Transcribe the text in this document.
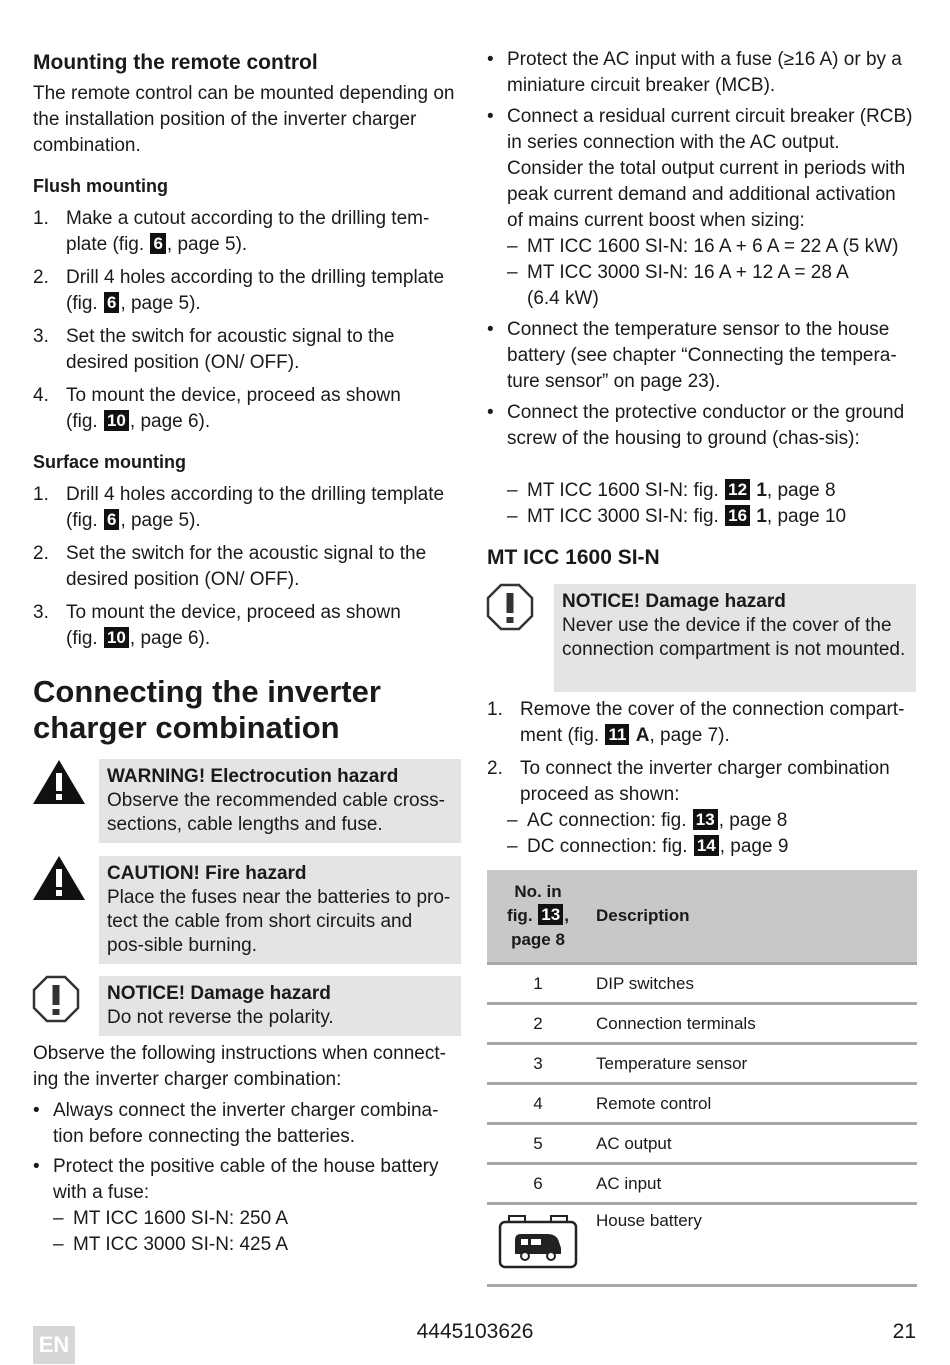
Mounting the remote control
The remote control can be mounted depending on the installation position of the inverter charger combination.
Flush mounting
1. Make a cutout according to the drilling tem-
plate (fig. 6 , page 5).
2. Drill 4 holes according to the drilling template
(fig. 6 , page 5).
3. Set the switch for acoustic signal to the
desired position (ON/ OFF).
4. To mount the device, proceed as shown
(fig. 10 , page 6).
Surface mounting
1. Drill 4 holes according to the drilling template
(fig. 6 , page 5).
2. Set the switch for the acoustic signal to the
desired position (ON/ OFF).
3. To mount the device, proceed as shown
(fig. 10 , page 6).
Connecting the inverter
charger combination
WARNING! Electrocution hazard
Observe the recommended cable cross-sections, cable lengths and fuse.
CAUTION! Fire hazard
Place the fuses near the batteries to pro-tect the cable from short circuits and pos-sible burning.
NOTICE! Damage hazard
Do not reverse the polarity.
Observe the following instructions when connect-ing the inverter charger combination:
• Always connect the inverter charger combina-tion before connecting the batteries.
• Protect the positive cable of the house battery with a fuse:
– MT ICC 1600 SI-N: 250 A
– MT ICC 3000 SI-N: 425 A
• Protect the AC input with a fuse (≥16 A) or by a miniature circuit breaker (MCB).
• Connect a residual current circuit breaker (RCB) in series connection with the AC output. Consider the total output current in periods with peak current demand and additional activation of mains current boost when sizing:
– MT ICC 1600 SI-N: 16 A + 6 A = 22 A (5 kW)
– MT ICC 3000 SI-N: 16 A + 12 A = 28 A
(6.4 kW)
• Connect the temperature sensor to the house battery (see chapter “Connecting the tempera-ture sensor” on page 23).
• Connect the protective conductor or the ground screw of the housing to ground (chas-sis):
– MT ICC 1600 SI-N: fig. 12 1, page 8
– MT ICC 3000 SI-N: fig. 16 1, page 10
MT ICC 1600 SI-N
NOTICE! Damage hazard
Never use the device if the cover of the connection compartment is not mounted.
1. Remove the cover of the connection compart-
ment (fig. 11 A, page 7).
2. To connect the inverter charger combination proceed as shown:
– AC connection: fig. 13 , page 8
– DC connection: fig. 14 , page 9
No. in
fig. 13 ,
page 8	Description
1	DIP switches
2	Connection terminals
3	Temperature sensor
4	Remote control
5	AC output
6	AC input
	House battery
EN
4445103626	21
